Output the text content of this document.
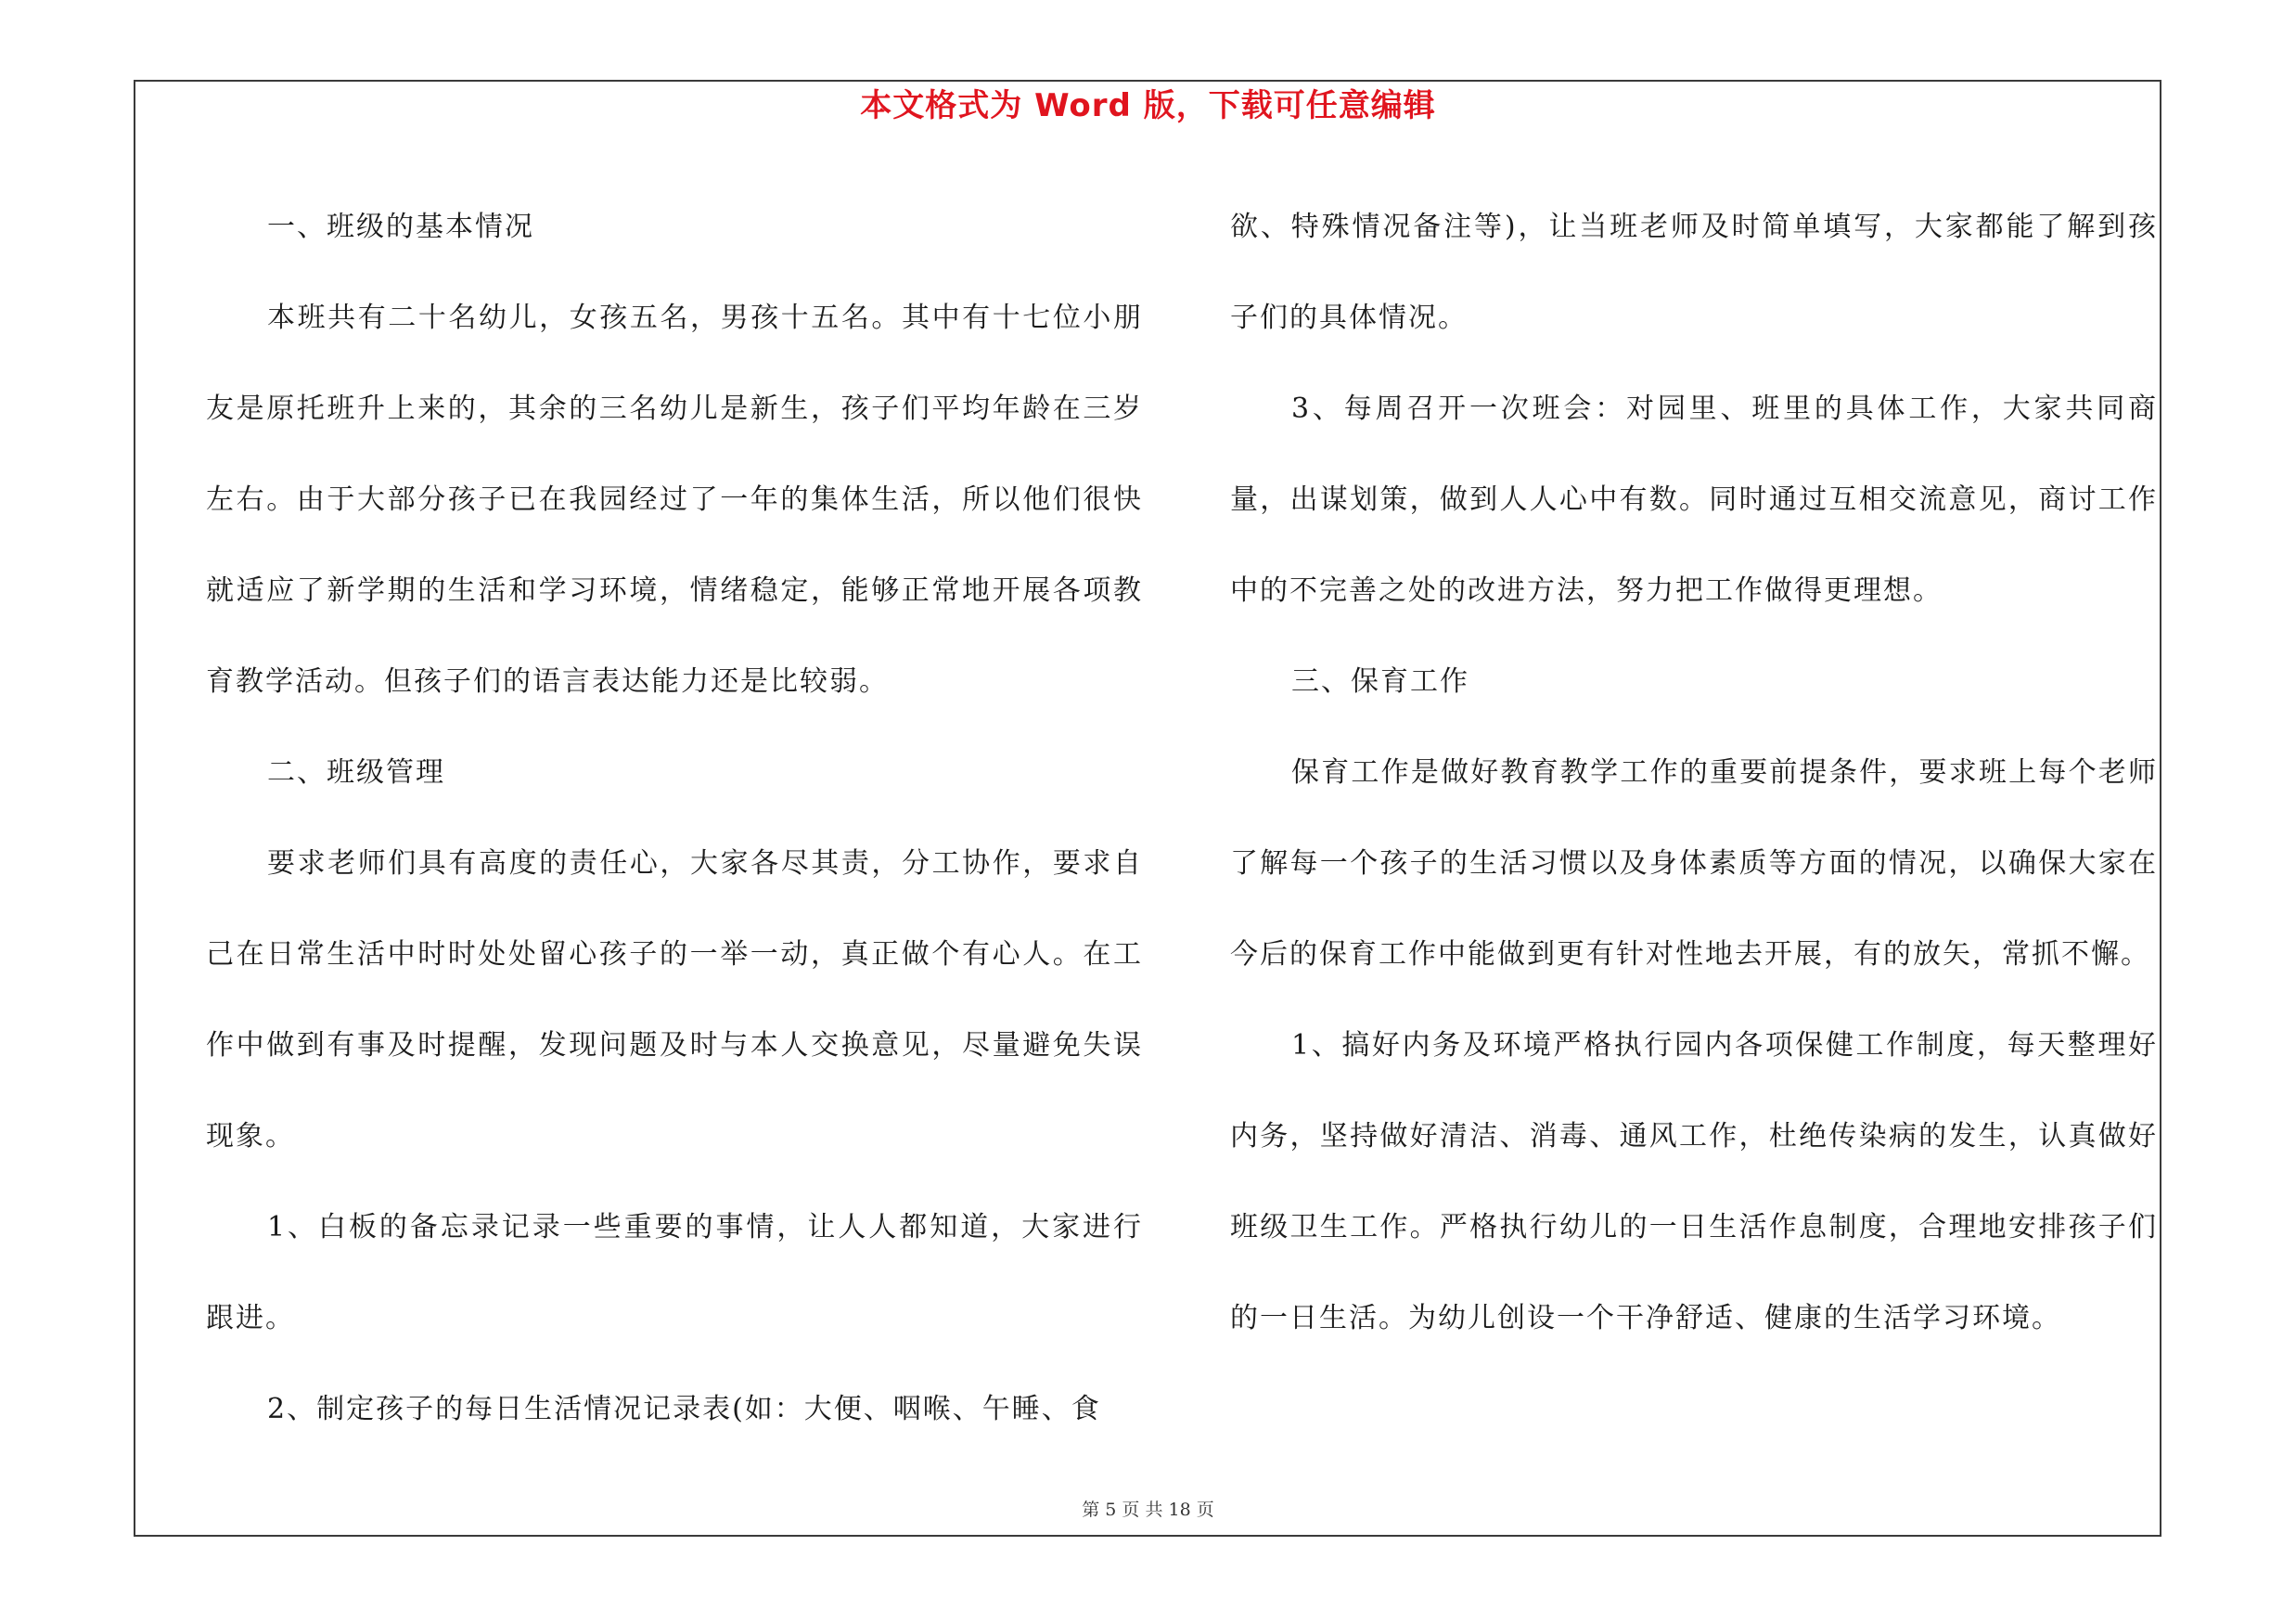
本文格式为 Word 版，下载可任意编辑

一、班级的基本情况

本班共有二十名幼儿，女孩五名，男孩十五名。其中有十七位小朋友是原托班升上来的，其余的三名幼儿是新生，孩子们平均年龄在三岁左右。由于大部分孩子已在我园经过了一年的集体生活，所以他们很快就适应了新学期的生活和学习环境，情绪稳定，能够正常地开展各项教育教学活动。但孩子们的语言表达能力还是比较弱。

二、班级管理

要求老师们具有高度的责任心，大家各尽其责，分工协作，要求自己在日常生活中时时处处留心孩子的一举一动，真正做个有心人。在工作中做到有事及时提醒，发现问题及时与本人交换意见，尽量避免失误现象。

1、白板的备忘录记录一些重要的事情，让人人都知道，大家进行跟进。

2、制定孩子的每日生活情况记录表(如：大便、咽喉、午睡、食

欲、特殊情况备注等)，让当班老师及时简单填写，大家都能了解到孩子们的具体情况。

3、每周召开一次班会：对园里、班里的具体工作，大家共同商量，出谋划策，做到人人心中有数。同时通过互相交流意见，商讨工作中的不完善之处的改进方法，努力把工作做得更理想。

三、保育工作

保育工作是做好教育教学工作的重要前提条件，要求班上每个老师了解每一个孩子的生活习惯以及身体素质等方面的情况，以确保大家在今后的保育工作中能做到更有针对性地去开展，有的放矢，常抓不懈。

1、搞好内务及环境严格执行园内各项保健工作制度，每天整理好内务，坚持做好清洁、消毒、通风工作，杜绝传染病的发生，认真做好班级卫生工作。严格执行幼儿的一日生活作息制度，合理地安排孩子们的一日生活。为幼儿创设一个干净舒适、健康的生活学习环境。

第 5 页 共 18 页
